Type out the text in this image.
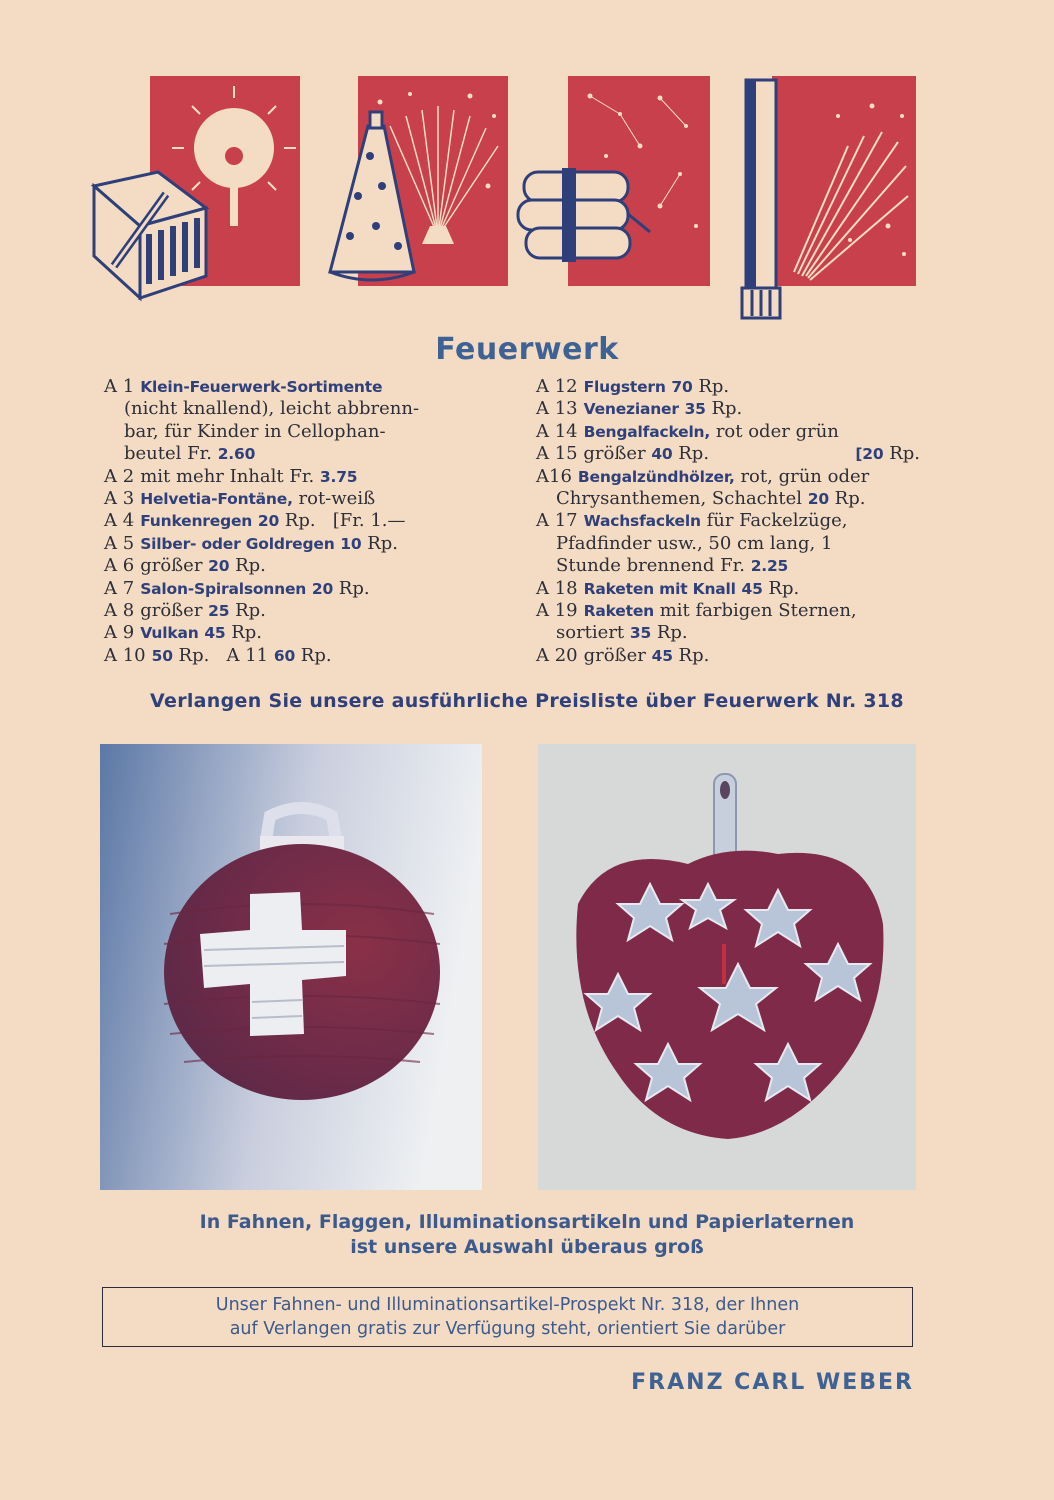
Feuerwerk
A 1 Klein-Feuerwerk-Sortimente
(nicht knallend), leicht abbrenn-
bar, für Kinder in Cellophan-
beutel Fr. 2.60
A 2 mit mehr Inhalt Fr. 3.75
A 3 Helvetia-Fontäne, rot-weiß
A 4 Funkenregen 20 Rp. [Fr. 1.—
A 5 Silber- oder Goldregen 10 Rp.
A 6 größer 20 Rp.
A 7 Salon-Spiralsonnen 20 Rp.
A 8 größer 25 Rp.
A 9 Vulkan 45 Rp.
A 10 50 Rp. A 11 60 Rp.
A 12 Flugstern 70 Rp.
A 13 Venezianer 35 Rp.
A 14 Bengalfackeln, rot oder grün
A 15 größer 40 Rp.	[20 Rp.
A16 Bengalzündhölzer, rot, grün oder
Chrysanthemen, Schachtel 20 Rp.
A 17 Wachsfackeln für Fackelzüge,
Pfadfinder usw., 50 cm lang, 1
Stunde brennend Fr. 2.25
A 18 Raketen mit Knall 45 Rp.
A 19 Raketen mit farbigen Sternen,
sortiert 35 Rp.
A 20 größer 45 Rp.
Verlangen Sie unsere ausführliche Preisliste über Feuerwerk Nr. 318
In Fahnen, Flaggen, Illuminationsartikeln und Papierlaternen
ist unsere Auswahl überaus groß
Unser Fahnen- und Illuminationsartikel-Prospekt Nr. 318, der Ihnen
auf Verlangen gratis zur Verfügung steht, orientiert Sie darüber
FRANZ CARL WEBER
